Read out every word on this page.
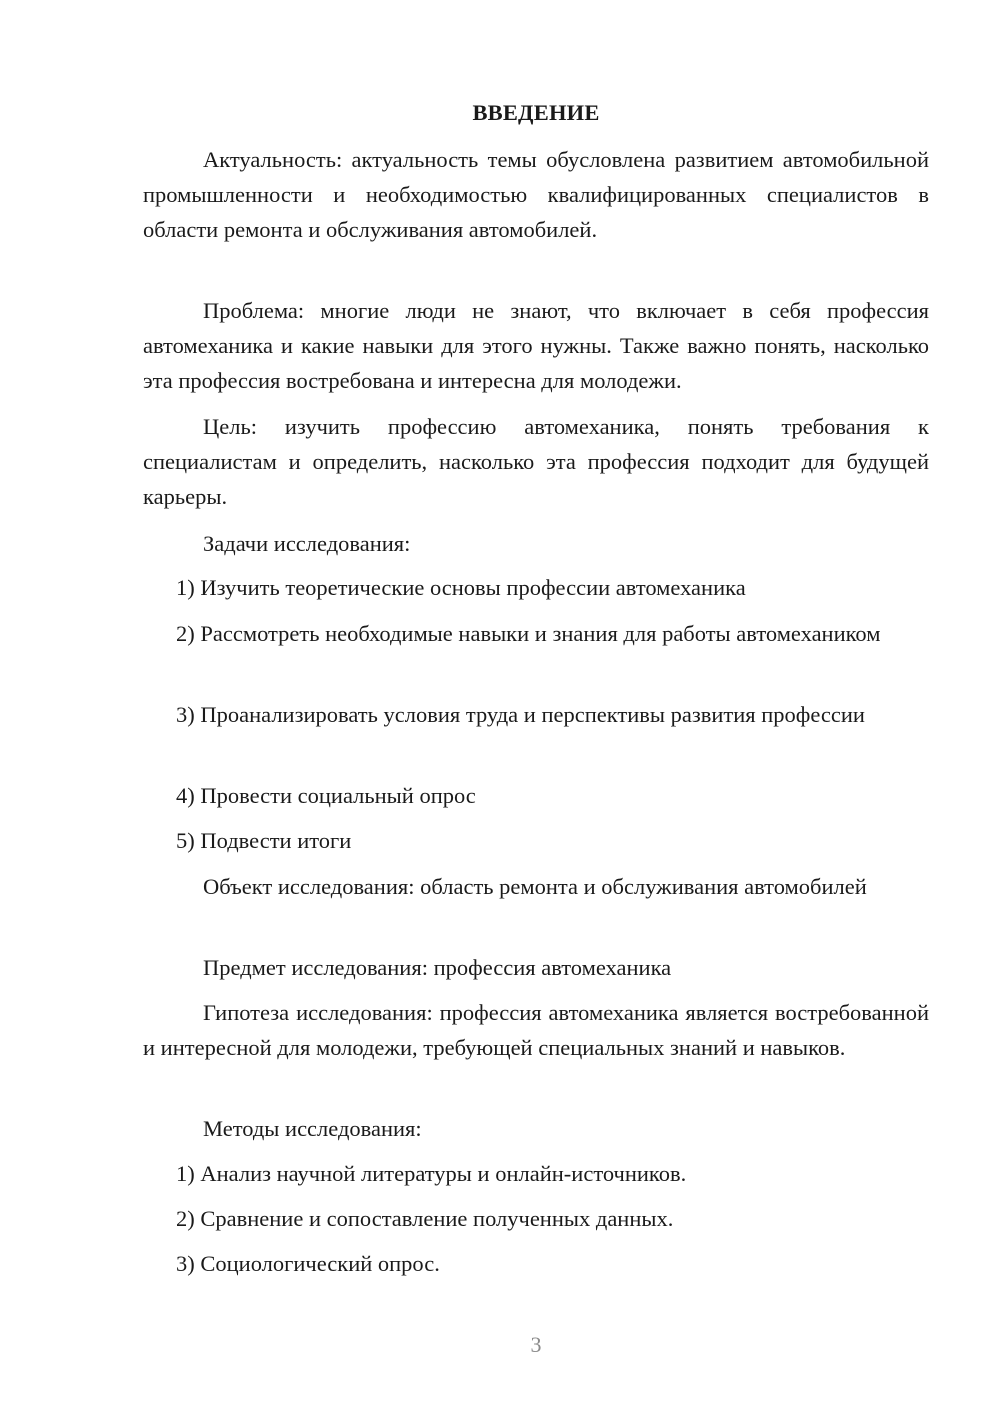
ВВЕДЕНИЕ

Актуальность: актуальность темы обусловлена развитием автомобильной промышленности и необходимостью квалифицированных специалистов в области ремонта и обслуживания автомобилей.

Проблема: многие люди не знают, что включает в себя профессия автомеханика и какие навыки для этого нужны. Также важно понять, насколько эта профессия востребована и интересна для молодежи.

Цель: изучить профессию автомеханика, понять требования к специалистам и определить, насколько эта профессия подходит для будущей карьеры.

Задачи исследования:

1) Изучить теоретические основы профессии автомеханика

2) Рассмотреть необходимые навыки и знания для работы автомехаником

3) Проанализировать условия труда и перспективы развития профессии

4) Провести социальный опрос

5) Подвести итоги

Объект исследования: область ремонта и обслуживания автомобилей

Предмет исследования: профессия автомеханика

Гипотеза исследования: профессия автомеханика является востребованной и интересной для молодежи, требующей специальных знаний и навыков.

Методы исследования:

1) Анализ научной литературы и онлайн-источников.

2) Сравнение и сопоставление полученных данных.

3) Социологический опрос.

3
